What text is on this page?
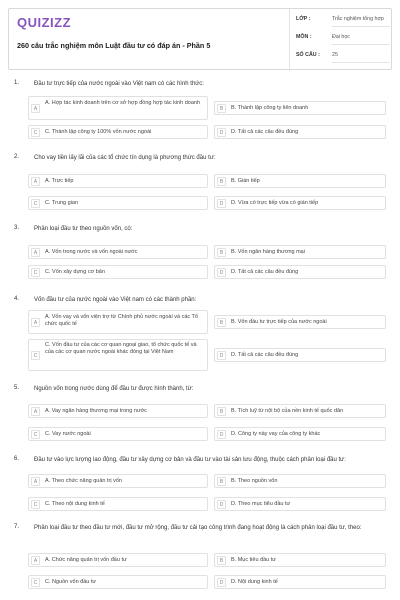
QUIZIZZ
260 câu trắc nghiệm môn Luật đầu tư có đáp án - Phần 5
LỚP :	Trắc nghiệm tổng hợp
MÔN :	Đại học
SỐ CÂU : 25
1. Đầu tư trực tiếp của nước ngoài vào Việt nam có các hình thức:
A
A. Hợp tác kinh doanh trên cơ sở hợp đồng hợp tác kinh doanh
B	B. Thành lập công ty liên doanh
C	C. Thành lập công ty 100% vốn nước ngoài	D	D. Tất cả các câu đều đúng
2. Cho vay tiền lấy lãi của các tổ chức tín dụng là phương thức đầu tư:
A	A. Trực tiếp	B	B. Gián tiếp
C	C. Trung gian	D	D. Vừa có trực tiếp vừa có gián tiếp
3. Phân loại đầu tư theo nguồn vốn, có:
A	A. Vốn trong nước và vốn ngoài nước	B	B. Vốn ngân hàng thương mại
C	C. Vốn xây dựng cơ bản	D	D. Tất cả các câu đều đúng
4. Vốn đầu tư của nước ngoài vào Việt nam có các thành phần:
A
A. Vốn vay và vốn viện trợ từ Chính phủ nước ngoài và các Tổ chức quốc tế	B	B. Vốn đầu tư trực tiếp của nước ngoài
C
C. Vốn đầu tư của các cơ quan ngoại giao, tổ chức quốc tế và của các cơ quan nước ngoài khác đóng tại Việt Nam
D	D. Tất cả các câu đều đúng
5. Nguồn vốn trong nước dùng để đầu tư được hình thành, từ:
A	A. Vay ngân hàng thương mại trong nước	B	B. Tích luỹ từ nội bộ của nền kinh tế quốc dân
C	C. Vay nước ngoài	D	D. Công ty này vay của công ty khác
6. Đầu tư vào lực lượng lao động, đầu tư xây dựng cơ bản và đầu tư vào tài sản lưu động, thuộc cách phân loại đầu tư:
A	A. Theo chức năng quản trị vốn	B	B. Theo nguồn vốn
C	C. Theo nội dung kinh tế	D	D. Theo mục tiêu đầu tư
7. Phân loại đầu tư theo đầu tư mới, đầu tư mở rộng, đầu tư cải tạo công trình đang hoạt động là cách phân loại đầu tư, theo:
A	A. Chức năng quản trị vốn đầu tư	B	B. Mục tiêu đầu tư
C	C. Nguồn vốn đầu tư	D	D. Nội dung kinh tế
